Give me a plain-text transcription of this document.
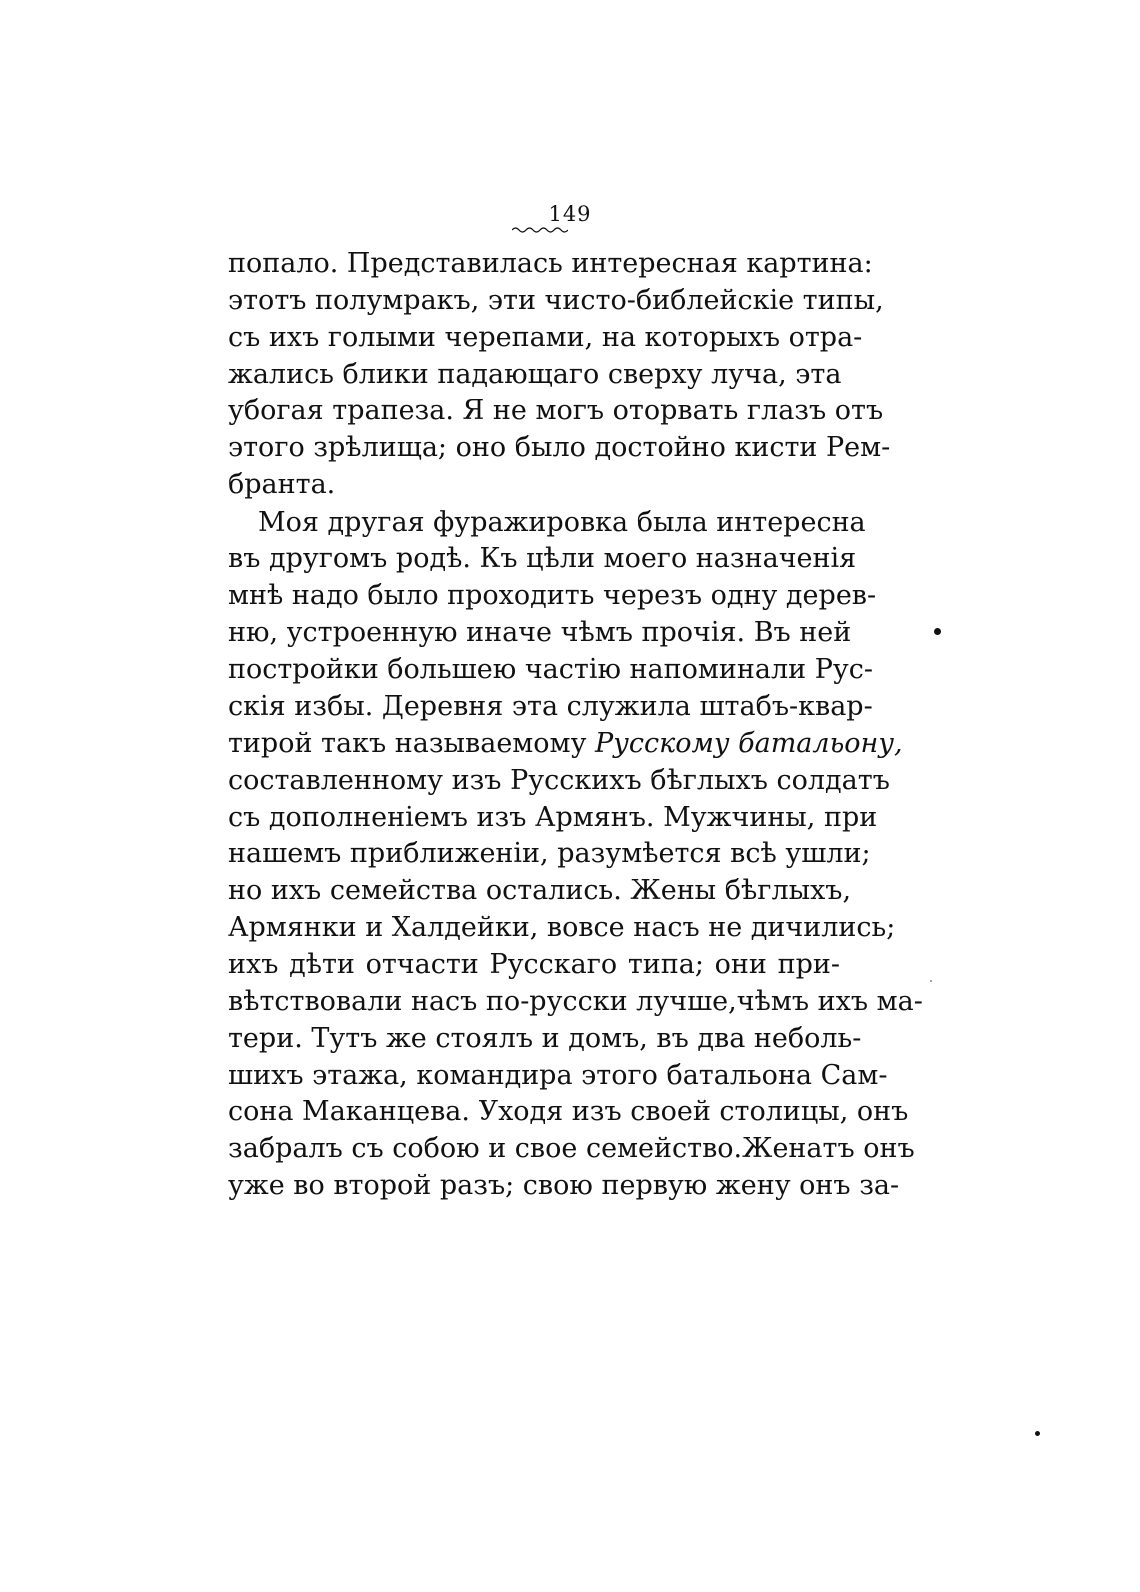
149
попало. Представилась интересная картина:
этотъ полумракъ, эти чисто-библейскіе типы,
съ ихъ голыми черепами, на которыхъ отра-
жались блики падающаго сверху луча, эта
убогая трапеза. Я не могъ оторвать глазъ отъ
этого зрѣлища; оно было достойно кисти Рем-
бранта.
Моя другая фуражировка была интересна
въ другомъ родѣ. Къ цѣли моего назначенія
мнѣ надо было проходить черезъ одну дерев-
ню, устроенную иначе чѣмъ прочія. Въ ней
постройки большею частію напоминали Рус-
скія избы. Деревня эта служила штабъ-квар-
тирой такъ называемому Русскому батальону,
составленному изъ Русскихъ бѣглыхъ солдатъ
съ дополненіемъ изъ Армянъ. Мужчины, при
нашемъ приближеніи, разумѣется всѣ ушли;
но ихъ семейства остались. Жены бѣглыхъ,
Армянки и Халдейки, вовсе насъ не дичились;
ихъ дѣти отчасти Русскаго типа; они при-
вѣтствовали насъ по-русски лучше,чѣмъ ихъ ма-
тери. Тутъ же стоялъ и домъ, въ два неболь-
шихъ этажа, командира этого батальона Сам-
сона Маканцева. Уходя изъ своей столицы, онъ
забралъ съ собою и свое семейство.Женатъ онъ
уже во второй разъ; свою первую жену онъ за-
